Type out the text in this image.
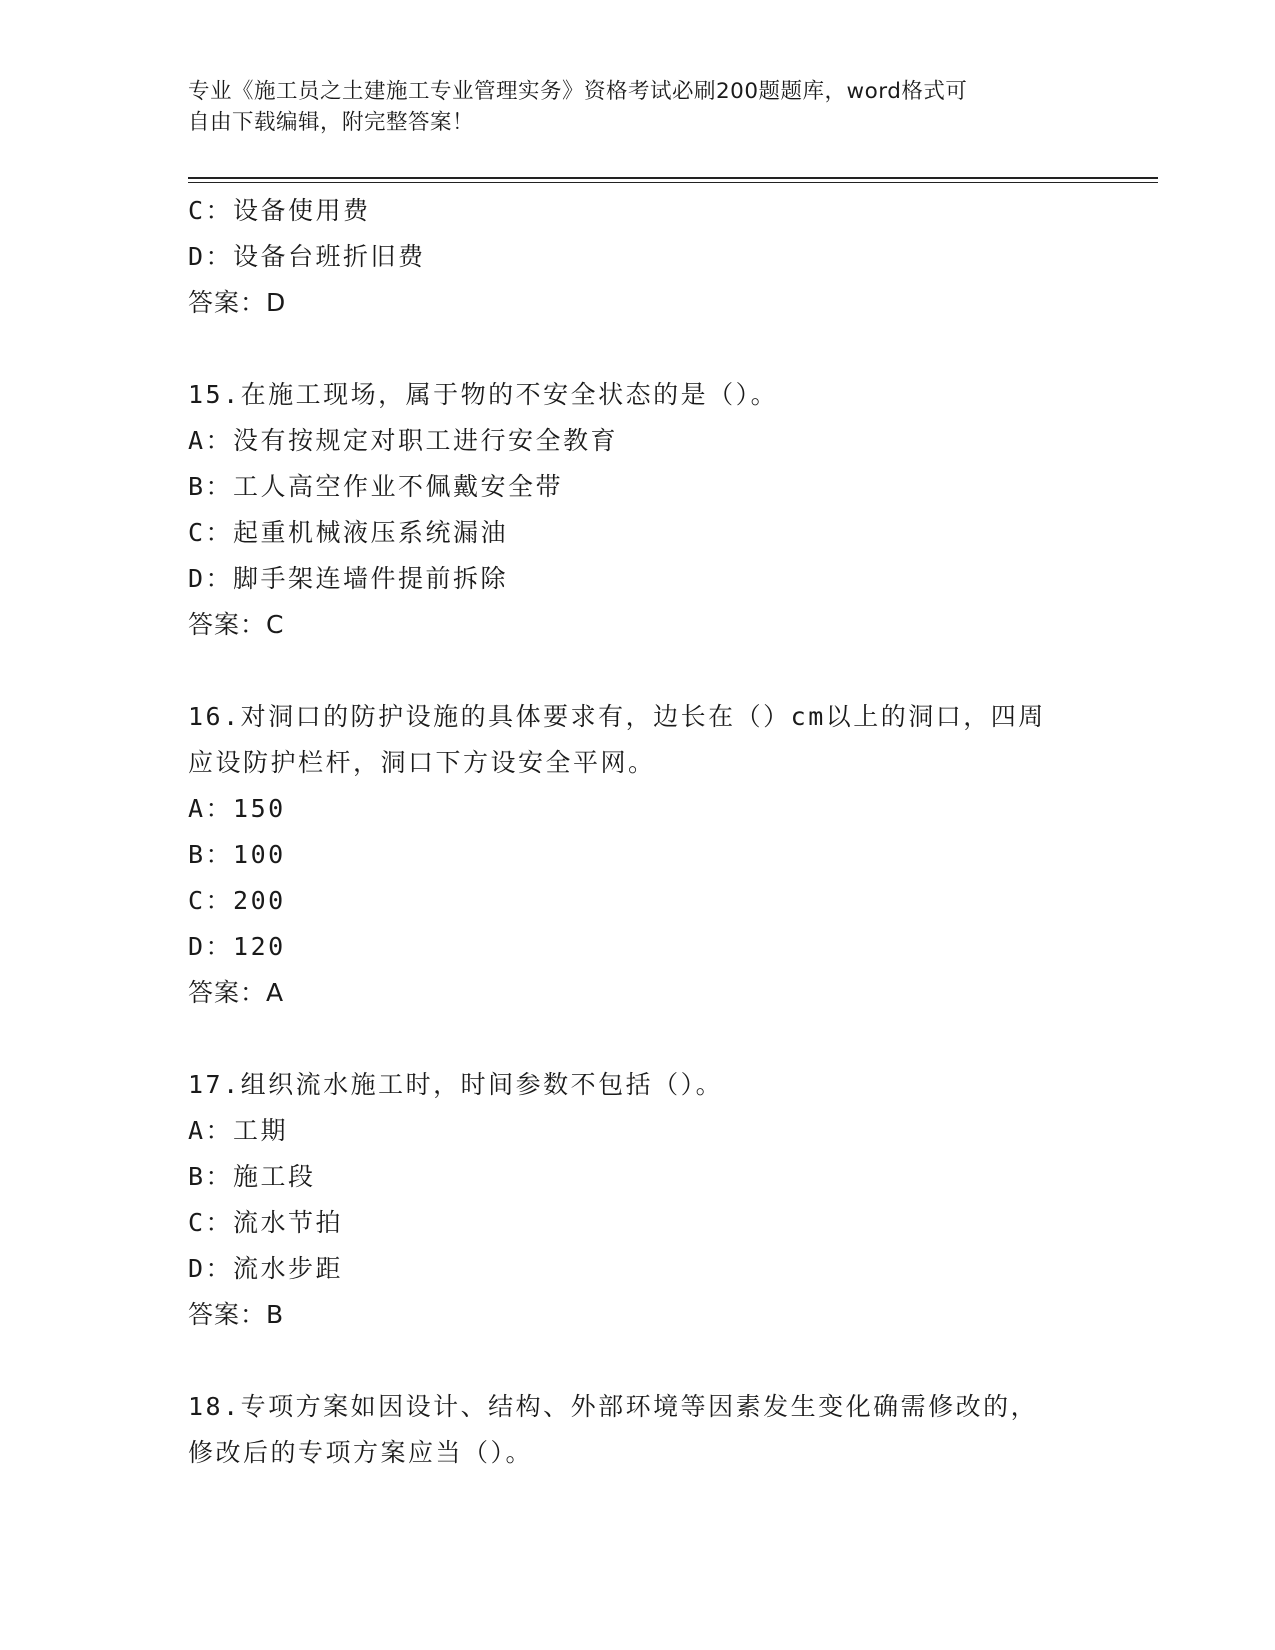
专业《施工员之土建施工专业管理实务》资格考试必刷200题题库，word格式可
自由下载编辑，附完整答案！
C：设备使用费
D：设备台班折旧费
答案：D
15.在施工现场，属于物的不安全状态的是（）。
A：没有按规定对职工进行安全教育
B：工人高空作业不佩戴安全带
C：起重机械液压系统漏油
D：脚手架连墙件提前拆除
答案：C
16.对洞口的防护设施的具体要求有，边长在（）cm以上的洞口，四周
应设防护栏杆，洞口下方设安全平网。
A：150
B：100
C：200
D：120
答案：A
17.组织流水施工时，时间参数不包括（）。
A：工期
B：施工段
C：流水节拍
D：流水步距
答案：B
18.专项方案如因设计、结构、外部环境等因素发生变化确需修改的，
修改后的专项方案应当（）。
